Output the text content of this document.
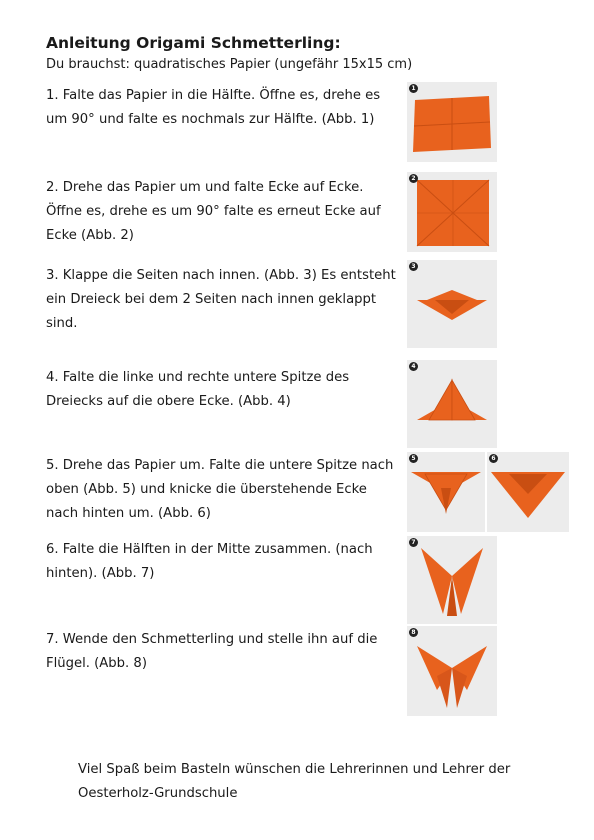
Anleitung Origami Schmetterling:
Du brauchst: quadratisches Papier (ungefähr 15x15 cm)
1. Falte das Papier in die Hälfte. Öffne es, drehe es um 90° und falte es nochmals zur Hälfte. (Abb. 1)
2. Drehe das Papier um und falte Ecke auf Ecke. Öffne es, drehe es um 90° falte es erneut Ecke auf Ecke (Abb. 2)
3. Klappe die Seiten nach innen. (Abb. 3) Es entsteht ein Dreieck bei dem 2 Seiten nach innen geklappt sind.
4. Falte die linke und rechte untere Spitze des Dreiecks auf die obere Ecke. (Abb. 4)
5. Drehe das Papier um. Falte die untere Spitze nach oben (Abb. 5) und knicke die überstehende Ecke nach hinten um. (Abb. 6)
6. Falte die Hälften in der Mitte zusammen. (nach hinten). (Abb. 7)
7. Wende den Schmetterling und stelle ihn auf die Flügel. (Abb. 8)
1
2
3
4
5	6
7
8
Viel Spaß beim Basteln wünschen die Lehrerinnen und Lehrer der Oesterholz-Grundschule
